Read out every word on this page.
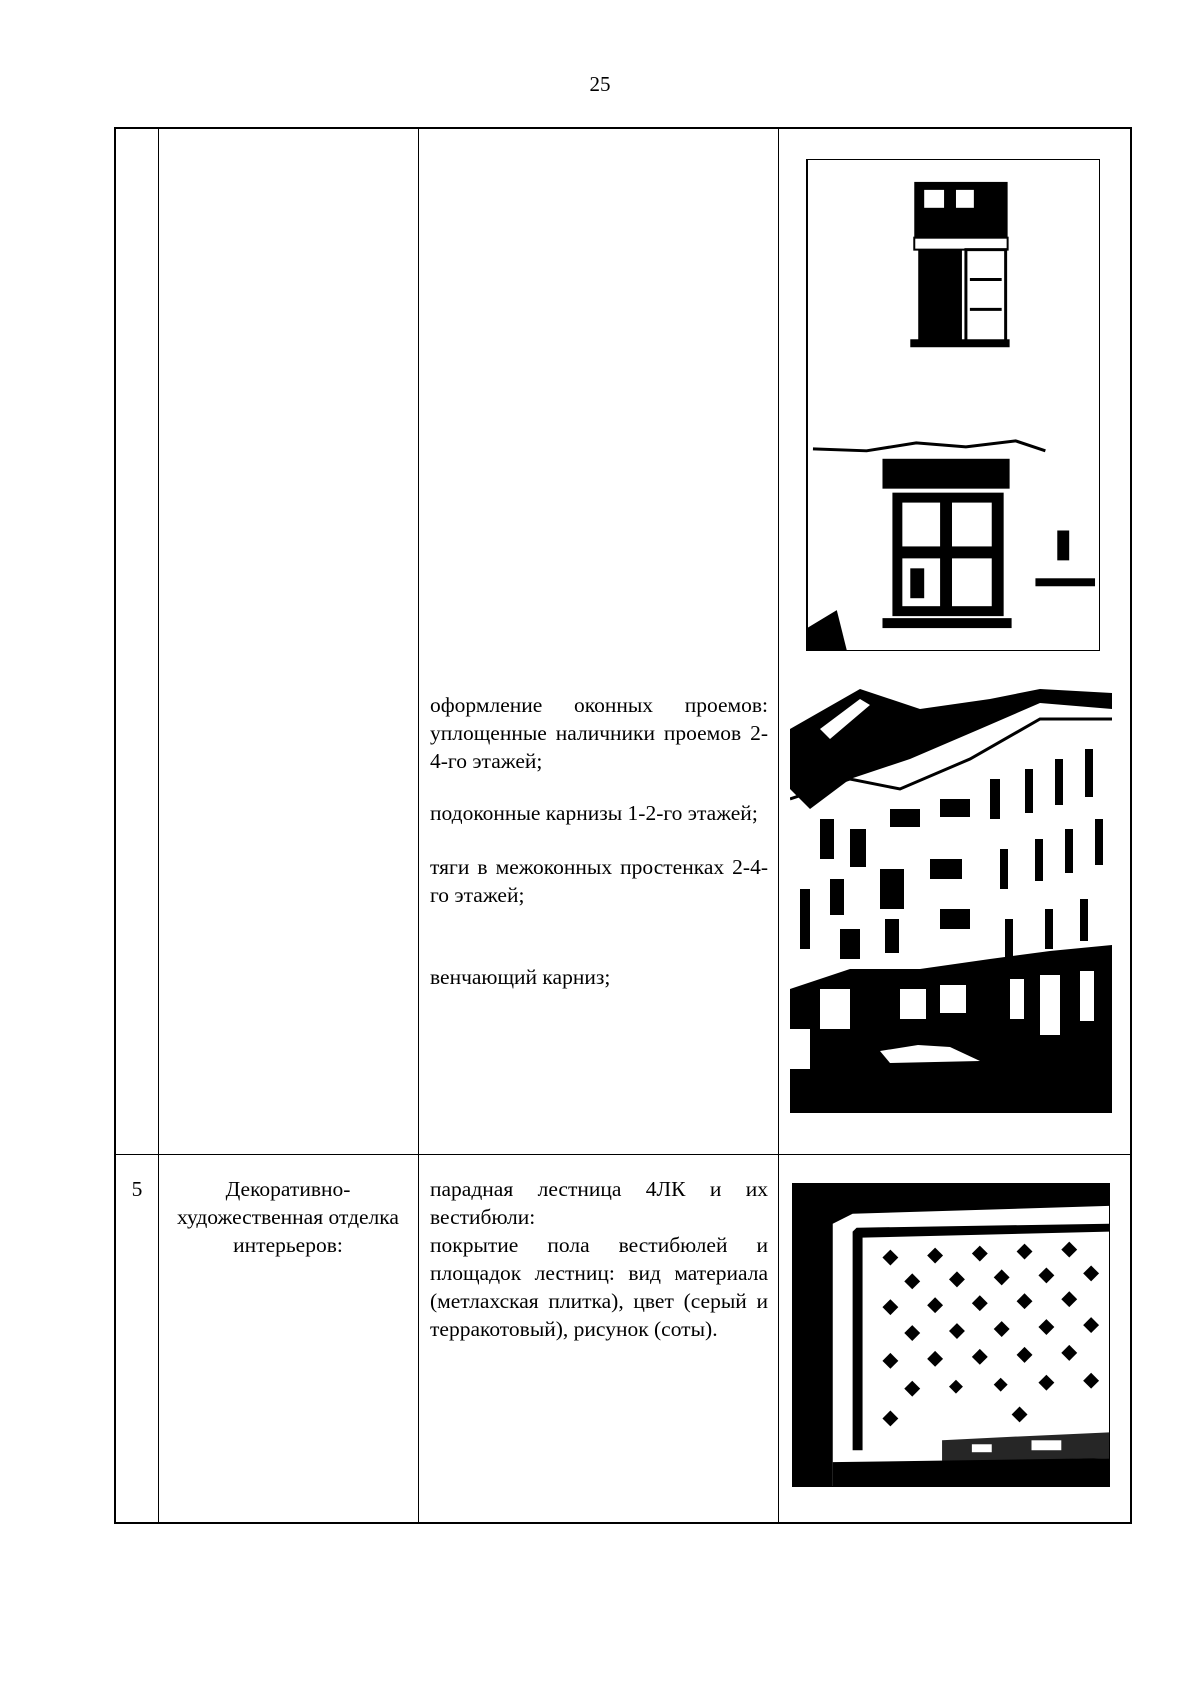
25
оформление оконных проемов: уплощенные наличники проемов 2-4-го этажей;
подоконные карнизы 1-2-го этажей;
тяги в межоконных простенках 2-4-го этажей;
венчающий карниз;
5	Декоративно-художественная отделка интерьеров:
парадная лестница 4ЛК и их вестибюли:
покрытие пола вестибюлей и площадок лестниц: вид материала (метлахская плитка), цвет (серый и терракотовый), рисунок (соты).
